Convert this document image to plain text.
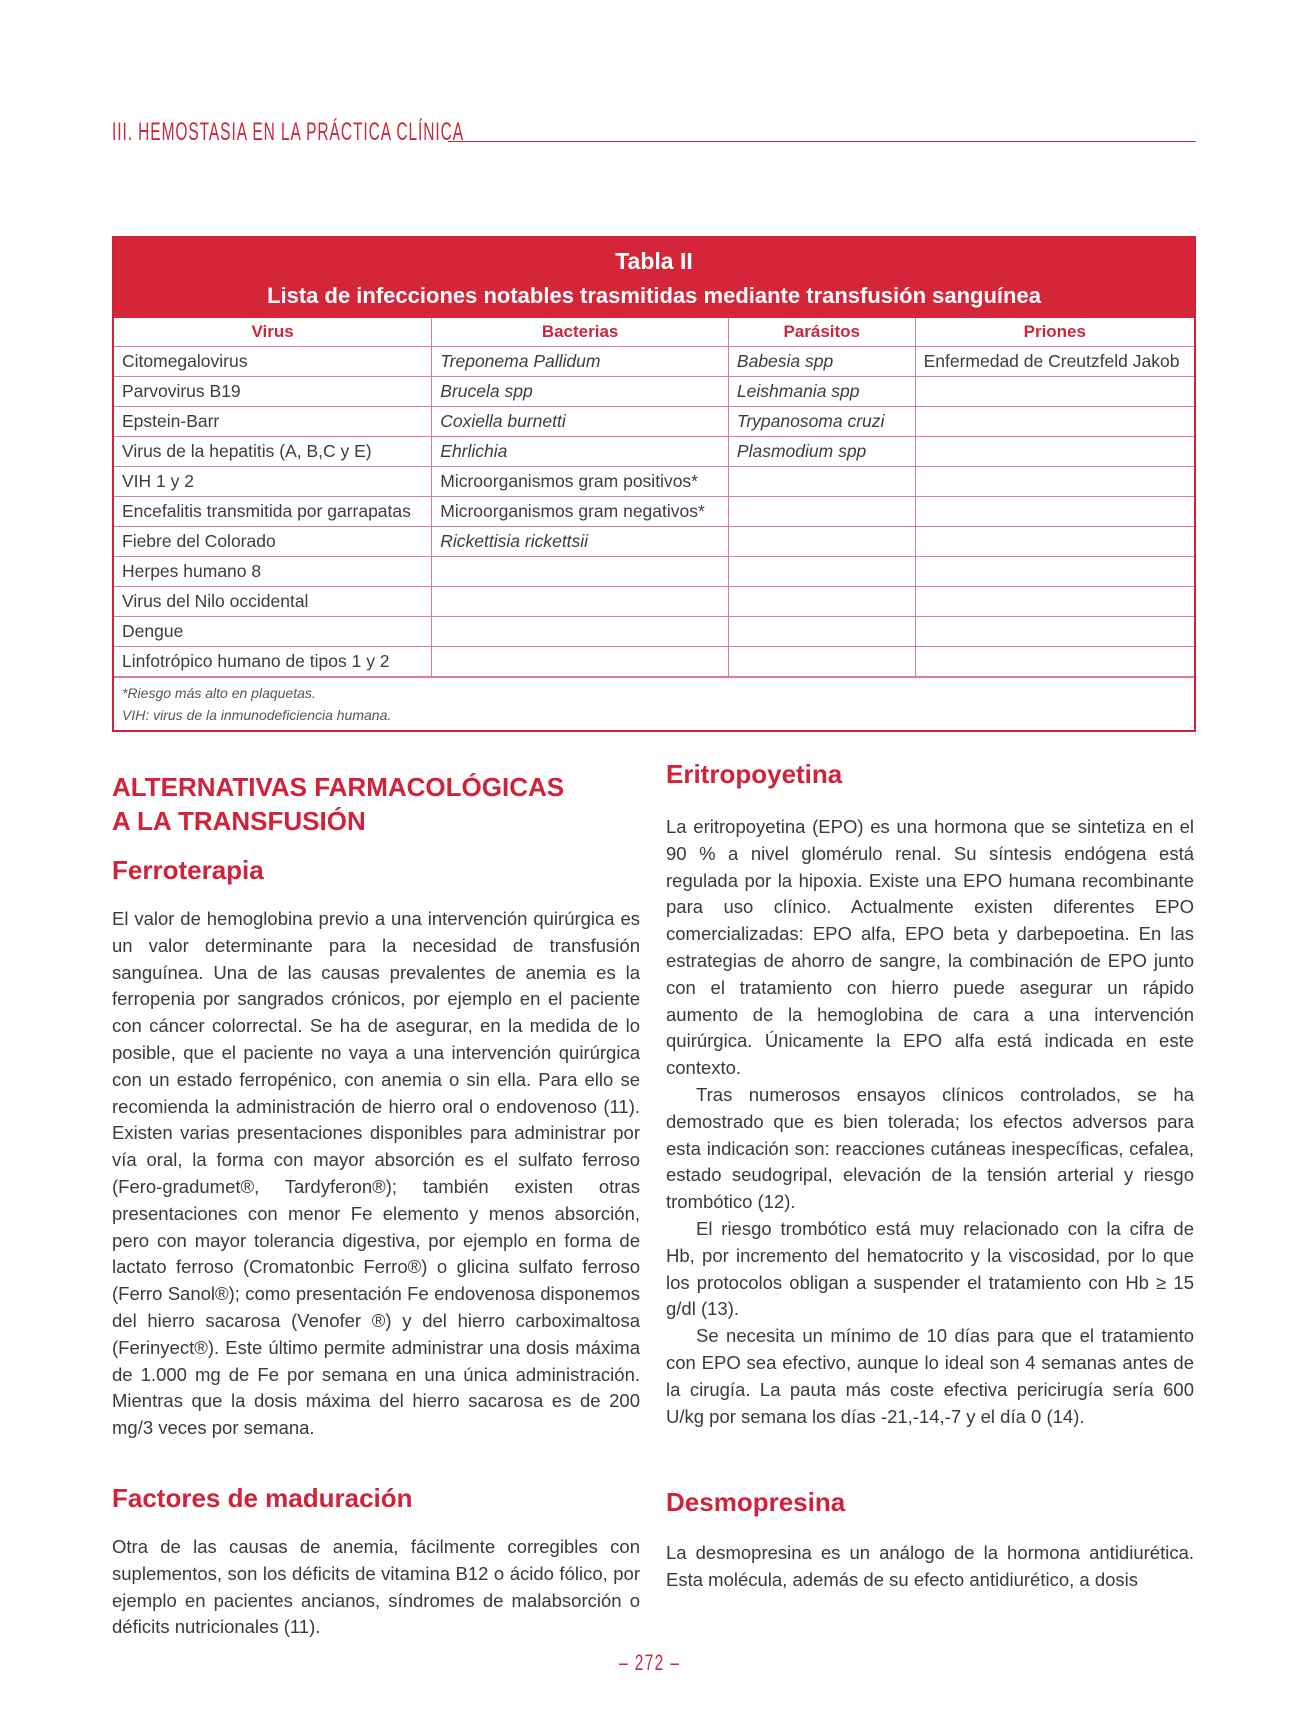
III. HEMOSTASIA EN LA PRÁCTICA CLÍNICA
Tabla II
Lista de infecciones notables trasmitidas mediante transfusión sanguínea
Virus	Bacterias	Parásitos	Priones
Citomegalovirus	Treponema Pallidum	Babesia spp	Enfermedad de Creutzfeld Jakob
Parvovirus B19	Brucela spp	Leishmania spp	
Epstein-Barr	Coxiella burnetti	Trypanosoma cruzi	
Virus de la hepatitis (A, B,C y E)	Ehrlichia	Plasmodium spp	
VIH 1 y 2	Microorganismos gram positivos*		
Encefalitis transmitida por garrapatas	Microorganismos gram negativos*		
Fiebre del Colorado	Rickettisia rickettsii		
Herpes humano 8			
Virus del Nilo occidental			
Dengue			
Linfotrópico humano de tipos 1 y 2			
*Riesgo más alto en plaquetas.
VIH: virus de la inmunodeficiencia humana.
ALTERNATIVAS FARMACOLÓGICAS
A LA TRANSFUSIÓN
Ferroterapia

El valor de hemoglobina previo a una intervención quirúrgica es un valor determinante para la necesidad de transfusión sanguínea. Una de las causas prevalentes de anemia es la ferropenia por sangrados crónicos, por ejemplo en el paciente con cáncer colorrectal. Se ha de asegurar, en la medida de lo posible, que el paciente no vaya a una intervención quirúrgica con un estado ferropénico, con anemia o sin ella. Para ello se recomienda la administración de hierro oral o endovenoso (11). Existen varias presentaciones disponibles para administrar por vía oral, la forma con mayor absorción es el sulfato ferroso (Fero-gradumet®, Tardyferon®); también existen otras presentaciones con menor Fe elemento y menos absorción, pero con mayor tolerancia digestiva, por ejemplo en forma de lactato ferroso (Cromatonbic Ferro®) o glicina sulfato ferroso (Ferro Sanol®); como presentación Fe endovenosa disponemos del hierro sacarosa (Venofer ®) y del hierro carboximaltosa (Ferinyect®). Este último permite administrar una dosis máxima de 1.000 mg de Fe por semana en una única administración. Mientras que la dosis máxima del hierro sacarosa es de 200 mg/3 veces por semana.

Factores de maduración

Otra de las causas de anemia, fácilmente corregibles con suplementos, son los déficits de vitamina B12 o ácido fólico, por ejemplo en pacientes ancianos, síndromes de malabsorción o déficits nutricionales (11).

Eritropoyetina

La eritropoyetina (EPO) es una hormona que se sintetiza en el 90 % a nivel glomérulo renal. Su síntesis endógena está regulada por la hipoxia. Existe una EPO humana recombinante para uso clínico. Actualmente existen diferentes EPO comercializadas: EPO alfa, EPO beta y darbepoetina. En las estrategias de ahorro de sangre, la combinación de EPO junto con el tratamiento con hierro puede asegurar un rápido aumento de la hemoglobina de cara a una intervención quirúrgica. Únicamente la EPO alfa está indicada en este contexto.

Tras numerosos ensayos clínicos controlados, se ha demostrado que es bien tolerada; los efectos adversos para esta indicación son: reacciones cutáneas inespecíficas, cefalea, estado seudogripal, elevación de la tensión arterial y riesgo trombótico (12).

El riesgo trombótico está muy relacionado con la cifra de Hb, por incremento del hematocrito y la viscosidad, por lo que los protocolos obligan a suspender el tratamiento con Hb ≥ 15 g/dl (13).

Se necesita un mínimo de 10 días para que el tratamiento con EPO sea efectivo, aunque lo ideal son 4 semanas antes de la cirugía. La pauta más coste efectiva pericirugía sería 600 U/kg por semana los días -21,-14,-7 y el día 0 (14).

Desmopresina

La desmopresina es un análogo de la hormona antidiurética. Esta molécula, además de su efecto antidiurético, a dosis

– 272 –
